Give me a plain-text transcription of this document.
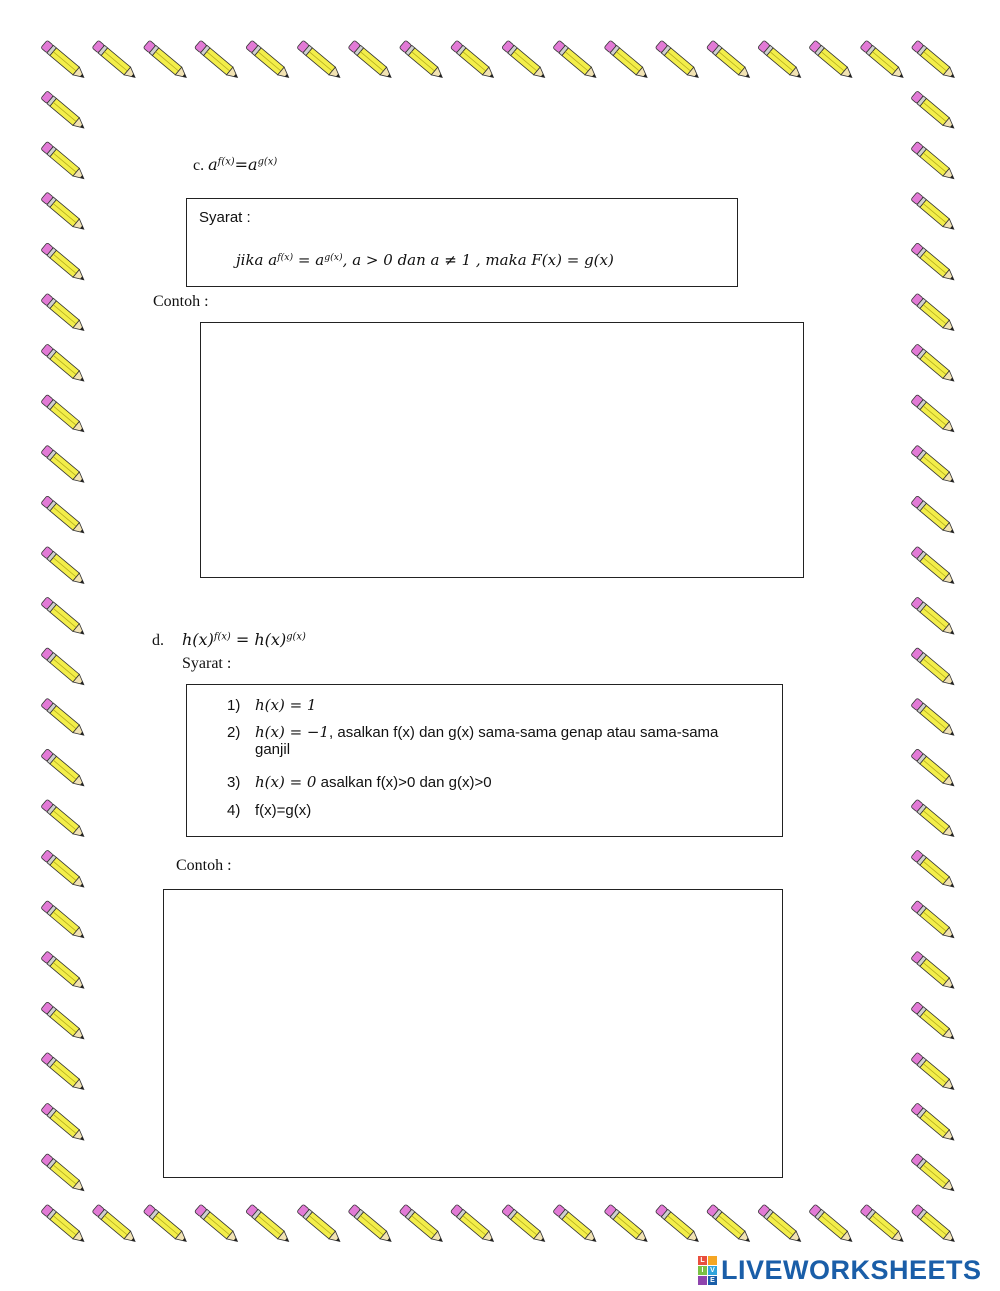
c. $a^{f(x)}=a^{g(x)}$
Syarat :
jika $a^{f(x)} = a^{g(x)}$, a > 0 dan a ≠ 1 , maka F(x) = g(x)
Contoh :
d. $h(x)^{f(x)} = h(x)^{g(x)}$
Syarat :
1) h(x) = 1
2) h(x) = −1, asalkan f(x) dan g(x) sama-sama genap atau sama-sama
ganjil
3) h(x) = 0 asalkan f(x)>0 dan g(x)>0
4) f(x)=g(x)
Contoh :
L
I V
E LIVEWORKSHEETS
